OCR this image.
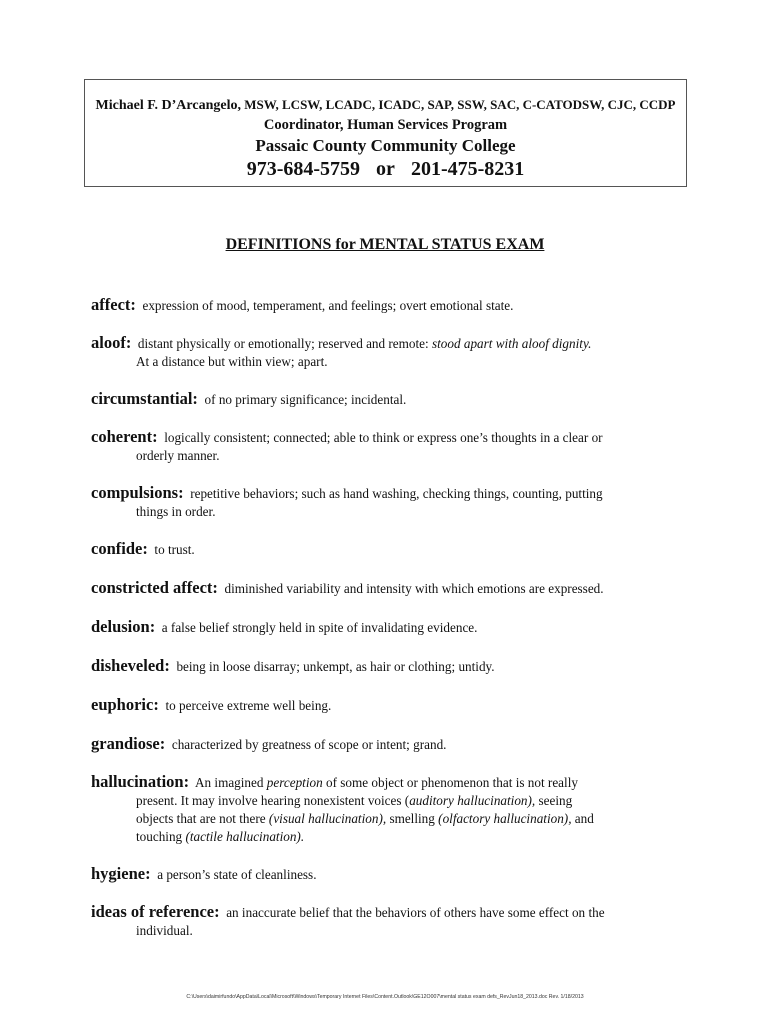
Michael F. D’Arcangelo, MSW, LCSW, LCADC, ICADC, SAP, SSW, SAC, C-CATODSW, CJC, CCDP
Coordinator, Human Services Program
Passaic County Community College
973-684-5759 or 201-475-8231
DEFINITIONS for MENTAL STATUS EXAM

affect: expression of mood, temperament, and feelings; overt emotional state.

aloof: distant physically or emotionally; reserved and remote: stood apart with aloof dignity.
At a distance but within view; apart.

circumstantial: of no primary significance; incidental.

coherent: logically consistent; connected; able to think or express one’s thoughts in a clear or
orderly manner.

compulsions: repetitive behaviors; such as hand washing, checking things, counting, putting
things in order.

confide: to trust.

constricted affect: diminished variability and intensity with which emotions are expressed.

delusion: a false belief strongly held in spite of invalidating evidence.

disheveled: being in loose disarray; unkempt, as hair or clothing; untidy.

euphoric: to perceive extreme well being.

grandiose: characterized by greatness of scope or intent; grand.

hallucination: An imagined perception of some object or phenomenon that is not really
present. It may involve hearing nonexistent voices (auditory hallucination), seeing
objects that are not there (visual hallucination), smelling (olfactory hallucination), and
touching (tactile hallucination).

hygiene: a person’s state of cleanliness.

ideas of reference: an inaccurate belief that the behaviors of others have some effect on the
individual.

C:\Users\daimirfundo\AppData\Local\Microsoft\Windows\Temporary Internet Files\Content.Outlook\GE12O007\mental status exam defs_RevJun18_2013.doc Rev. 1/18/2013
